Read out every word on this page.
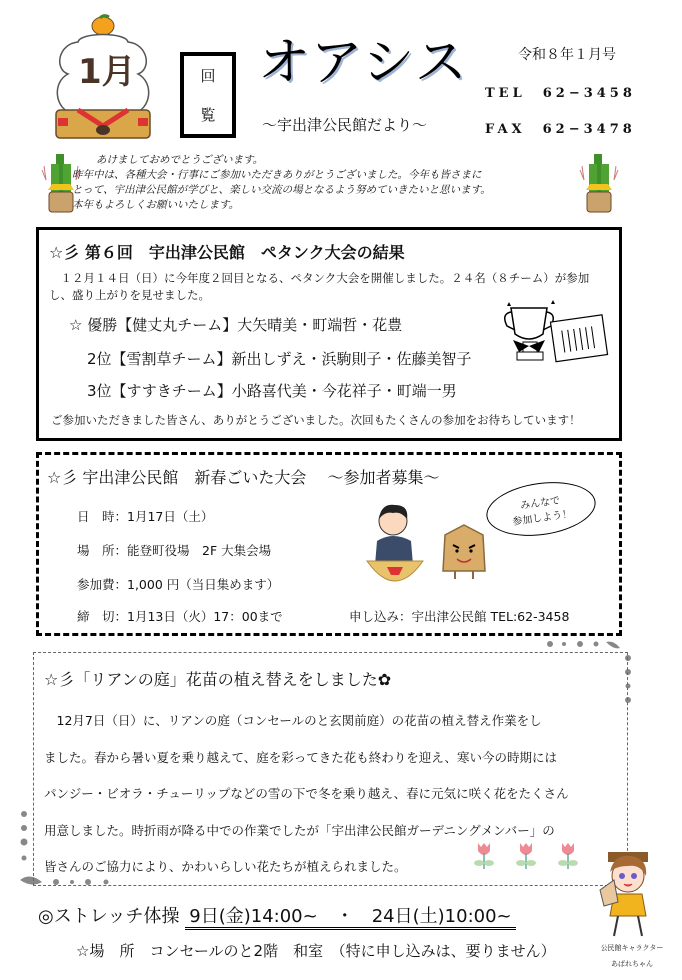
1月	回
覧
オアシス
～宇出津公民館だより～
令和８年１月号
TEL　62−3458
FAX　62−3478
あけましておめでとうございます。
昨年中は、各種大会・行事にご参加いただきありがとうございました。今年も皆さまに
とって、宇出津公民館が学びと、楽しい交流の場となるよう努めていきたいと思います。
本年もよろしくお願いいたします。
☆彡 第６回　宇出津公民館　ペタンク大会の結果
　１２月１４日（日）に今年度２回目となる、ペタンク大会を開催しました。２４名（８チーム）が参加し、盛り上がりを見せました。
☆ 優勝【健丈丸チーム】大矢晴美・町端哲・花豊
2位【雪割草チーム】新出しずえ・浜駒則子・佐藤美智子
3位【すすきチーム】小路喜代美・今花祥子・町端一男
ご参加いただきました皆さん、ありがとうございました。次回もたくさんの参加をお待ちしています！
☆彡 宇出津公民館　新春ごいた大会　 ～参加者募集～
日　時：1月17日（土）
場　所：能登町役場　2F 大集会場
参加費：1,000 円（当日集めます）
締　切：1月13日（火）17：00まで	申し込み：宇出津公民館 TEL:62-3458
みんなで
参加しよう！
☆彡「リアンの庭」花苗の植え替えをしました✿
　12月7日（日）に、リアンの庭（コンセールのと玄関前庭）の花苗の植え替え作業をし
ました。春から暑い夏を乗り越えて、庭を彩ってきた花も終わりを迎え、寒い今の時期には
パンジー・ビオラ・チューリップなどの雪の下で冬を乗り越え、春に元気に咲く花をたくさん
用意しました。時折雨が降る中での作業でしたが「宇出津公民館ガーデニングメンバー」の
皆さんのご協力により、かわいらしい花たちが植えられました。
◎ストレッチ体操 9日(金)14:00~　・　24日(土)10:00~
☆場　所　コンセールのと2階　和室　（特に申し込みは、要りません）	公民館キャラクター
あばれちゃん
